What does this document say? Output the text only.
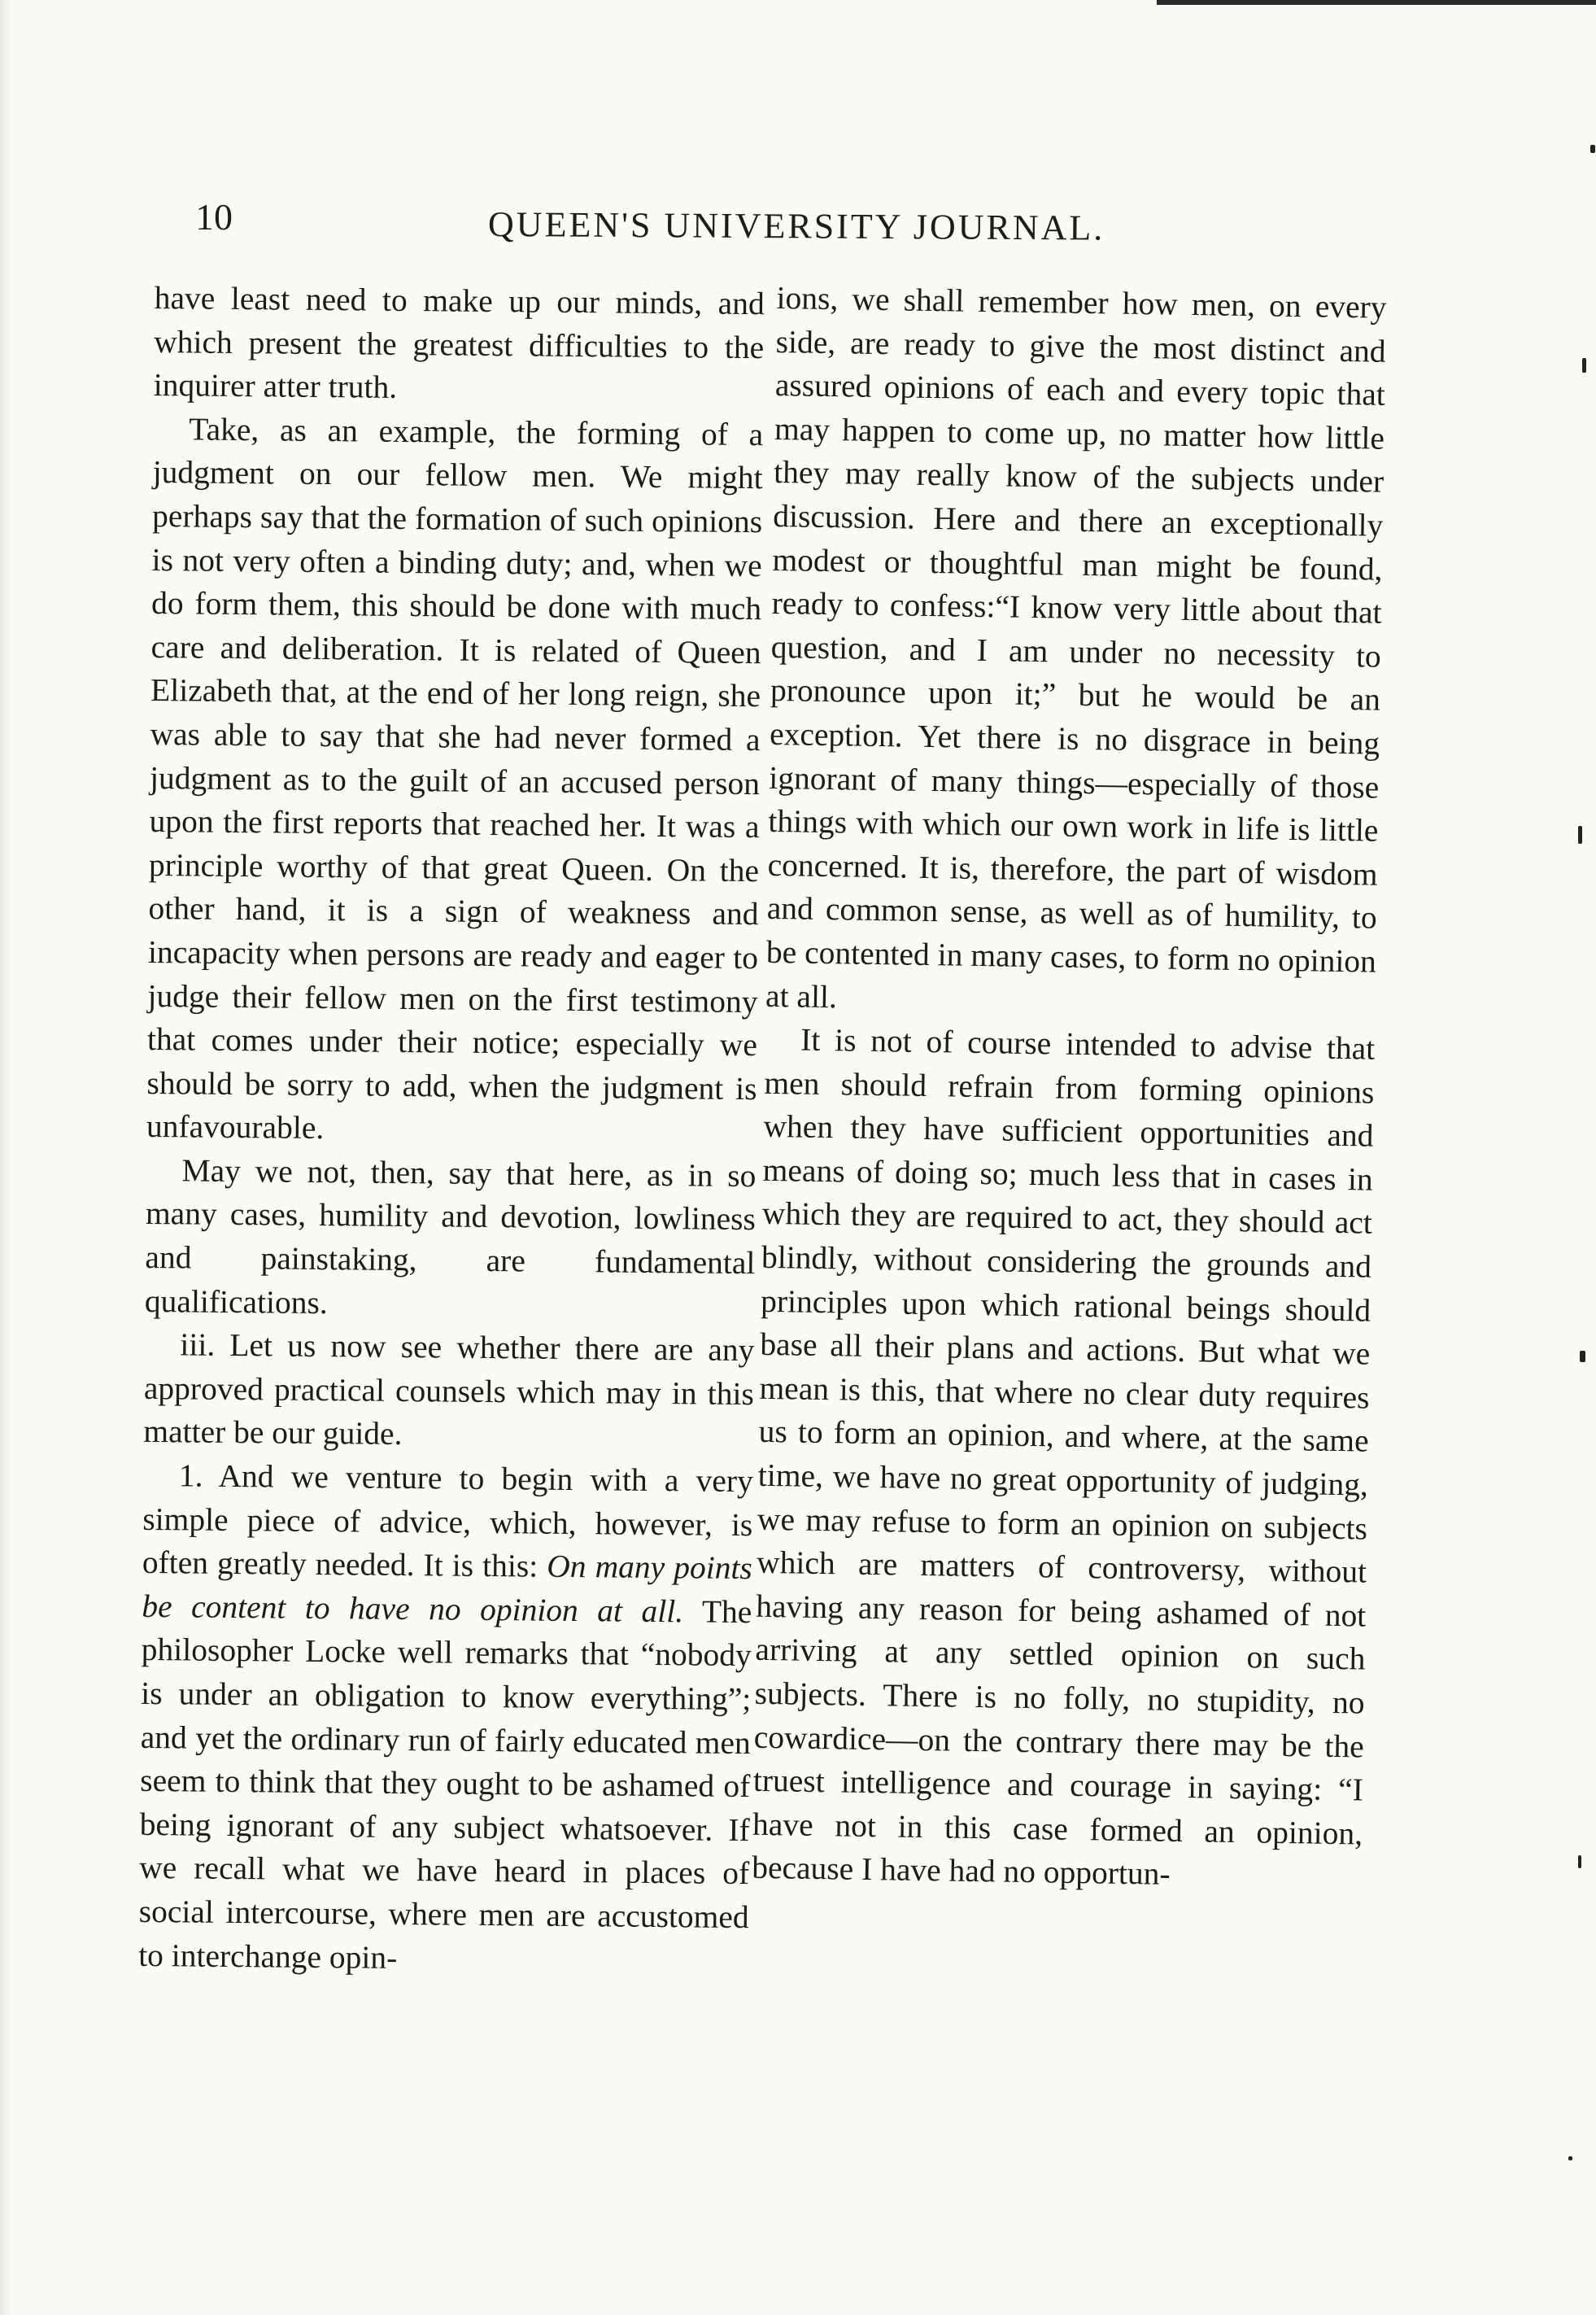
10	QUEEN'S UNIVERSITY JOURNAL.

have least need to make up our minds, and which present the greatest difficulties to the inquirer atter truth.

Take, as an example, the forming of a judgment on our fellow men. We might perhaps say that the formation of such opinions is not very often a binding duty; and, when we do form them, this should be done with much care and deliberation. It is related of Queen Elizabeth that, at the end of her long reign, she was able to say that she had never formed a judgment as to the guilt of an accused person upon the first reports that reached her. It was a principle worthy of that great Queen. On the other hand, it is a sign of weakness and incapacity when persons are ready and eager to judge their fellow men on the first testimony that comes under their notice; especially we should be sorry to add, when the judgment is unfavourable.

May we not, then, say that here, as in so many cases, humility and devotion, lowliness and painstaking, are fundamental qualifications.

iii. Let us now see whether there are any approved practical counsels which may in this matter be our guide.

1. And we venture to begin with a very simple piece of advice, which, however, is often greatly needed. It is this: On many points be content to have no opinion at all. The philosopher Locke well remarks that “nobody is under an obligation to know everything”; and yet the ordinary run of fairly educated men seem to think that they ought to be ashamed of being ignorant of any subject whatsoever. If we recall what we have heard in places of social intercourse, where men are accustomed to interchange opin-

ions, we shall remember how men, on every side, are ready to give the most distinct and assured opinions of each and every topic that may happen to come up, no matter how little they may really know of the subjects under discussion. Here and there an exceptionally modest or thoughtful man might be found, ready to confess:“I know very little about that question, and I am under no necessity to pronounce upon it;” but he would be an exception. Yet there is no disgrace in being ignorant of many things—especially of those things with which our own work in life is little concerned. It is, therefore, the part of wisdom and common sense, as well as of humility, to be contented in many cases, to form no opinion at all.

It is not of course intended to advise that men should refrain from forming opinions when they have sufficient opportunities and means of doing so; much less that in cases in which they are required to act, they should act blindly, without considering the grounds and principles upon which rational beings should base all their plans and actions. But what we mean is this, that where no clear duty requires us to form an opinion, and where, at the same time, we have no great opportunity of judging, we may refuse to form an opinion on subjects which are matters of controversy, without having any reason for being ashamed of not arriving at any settled opinion on such subjects. There is no folly, no stupidity, no cowardice—on the contrary there may be the truest intelligence and courage in saying: “I have not in this case formed an opinion, because I have had no opportun-
